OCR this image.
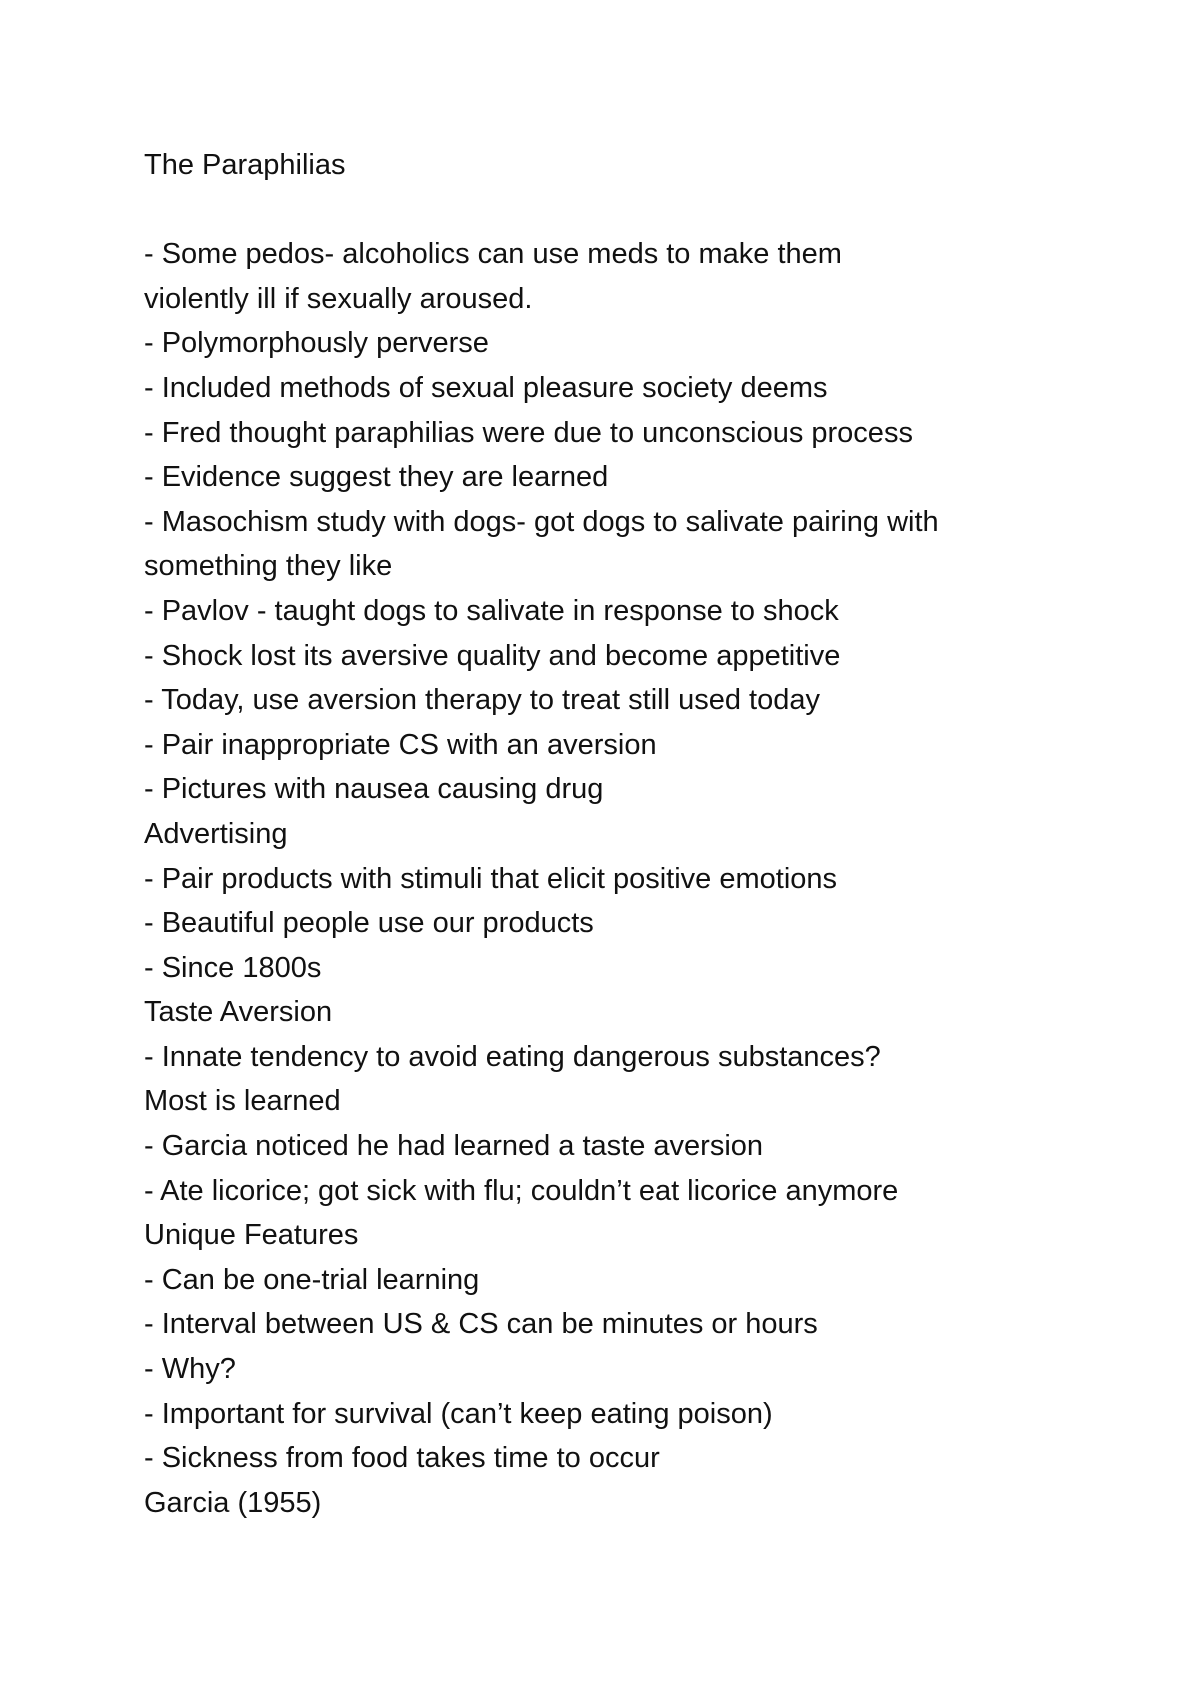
The Paraphilias

- Some pedos- alcoholics can use meds to make them

violently ill if sexually aroused.

- Polymorphously perverse

- Included methods of sexual pleasure society deems

- Fred thought paraphilias were due to unconscious process

- Evidence suggest they are learned

- Masochism study with dogs- got dogs to salivate pairing with

something they like

- Pavlov - taught dogs to salivate in response to shock

- Shock lost its aversive quality and become appetitive

- Today, use aversion therapy to treat still used today

- Pair inappropriate CS with an aversion

- Pictures with nausea causing drug

Advertising

- Pair products with stimuli that elicit positive emotions

- Beautiful people use our products

- Since 1800s

Taste Aversion

- Innate tendency to avoid eating dangerous substances?

Most is learned

- Garcia noticed he had learned a taste aversion

- Ate licorice; got sick with flu; couldn’t eat licorice anymore

Unique Features

- Can be one-trial learning

- Interval between US & CS can be minutes or hours

- Why?

- Important for survival (can’t keep eating poison)

- Sickness from food takes time to occur

Garcia (1955)
